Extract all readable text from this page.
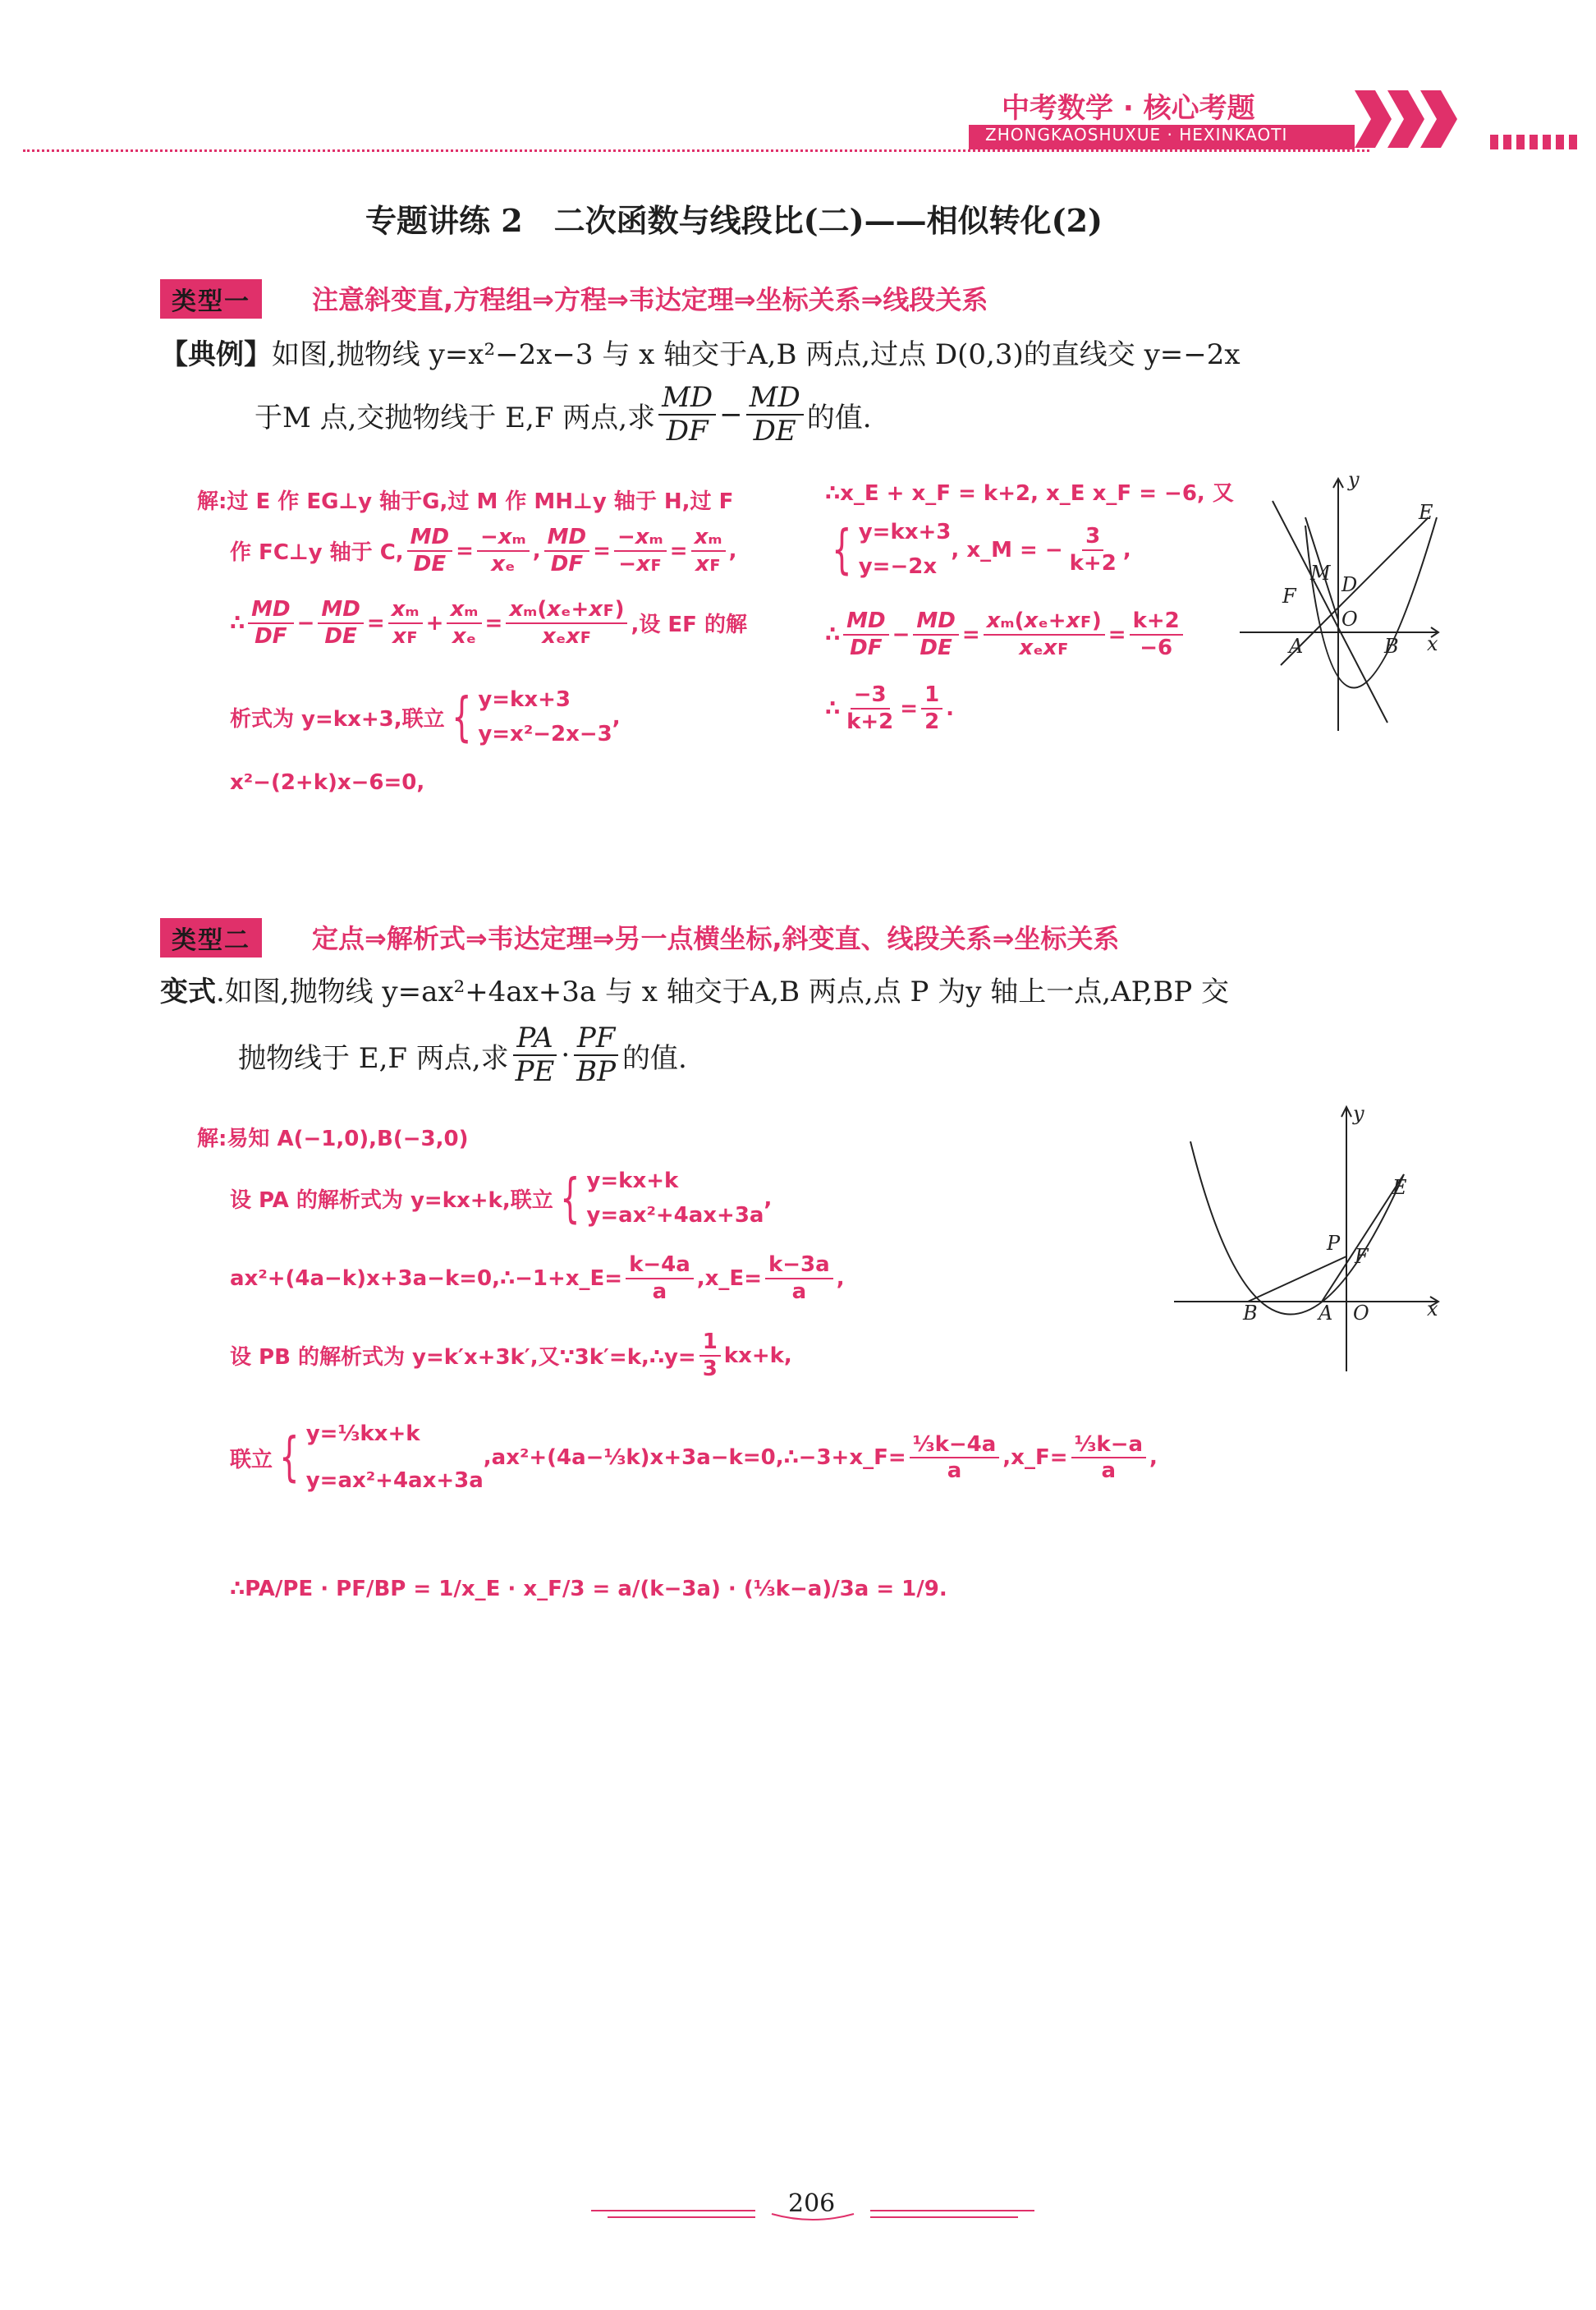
中考数学 · 核心考题
ZHONGKAOSHUXUE · HEXINKAOTI
专题讲练 2　二次函数与线段比(二)——相似转化(2)
类型一	注意斜变直,方程组⇒方程⇒韦达定理⇒坐标关系⇒线段关系
【典例】如图,抛物线 y=x²−2x−3 与 x 轴交于A,B 两点,过点 D(0,3)的直线交 y=−2x
于M 点,交抛物线于 E,F 两点,求 $\frac{MD}{DF} - \frac{MD}{DE}$ 的值.
解:过 E 作 EG⊥y 轴于G,过 M 作 MH⊥y 轴于 H,过 F
作 FC⊥y 轴于 C, $\frac{MD}{DE} = \frac{\text{−xₘ}}{\text{xₑ}}$ , $\frac{MD}{DF} = \frac{\text{−xₘ}}{\text{−xꜰ}} = \frac{\text{xₘ}}{\text{xꜰ}}$ ,
∴ $\frac{MD}{DF} - \frac{MD}{DE} = \frac{\text{xₘ}}{\text{xꜰ}} + \frac{\text{xₘ}}{\text{xₑ}} = \frac{\text{xₘ(xₑ+xꜰ)}}{\text{xₑxꜰ}}$ ,设 EF 的解
析式为 y=kx+3,联立 { y=kx+3
y=x²−2x−3
,
x²−(2+k)x−6=0,
∴x_E + x_F = k+2, x_E x_F = −6, 又
{ y=kx+3
y=−2x
, x_M = − $\frac{3}{k+2}$ ,
∴ $\frac{MD}{DF} - \frac{MD}{DE} = \frac{\text{xₘ(xₑ+xꜰ)}}{\text{xₑxꜰ}} = \frac{k+2}{-6}$
∴ $\frac{-3}{k+2} = \frac{1}{2}$ .
y
x
E
M D
F
O
A	B
类型二	定点⇒解析式⇒韦达定理⇒另一点横坐标,斜变直、线段关系⇒坐标关系
变式.如图,抛物线 y=ax²+4ax+3a 与 x 轴交于A,B 两点,点 P 为y 轴上一点,AP,BP 交
抛物线于 E,F 两点,求 $\frac{PA}{PE} \cdot \frac{PF}{BP}$ 的值.
解:易知 A(−1,0),B(−3,0)
设 PA 的解析式为 y=kx+k,联立 { y=kx+k
y=ax²+4ax+3a
,
ax²+(4a−k)x+3a−k=0,∴−1+x_E= $\frac{k-4a}{a}$ ,x_E= $\frac{k-3a}{a}$ ,
设 PB 的解析式为 y=k′x+3k′,又∵3k′=k,∴y= $\frac{1}{3} kx+k$,
联立 { y=⅓kx+k
y=ax²+4ax+3a
,ax²+(4a−⅓k)x+3a−k=0,∴−3+x_F= $\frac{\text{⅓k−4a}}{a}$ ,x_F= $\frac{\text{⅓k−a}}{a}$ ,
∴PA/PE · PF/BP = 1/x_E · x_F/3 = a/(k−3a) · (⅓k−a)/3a = 1/9.
y
x
E
P
F
B	A O
206
